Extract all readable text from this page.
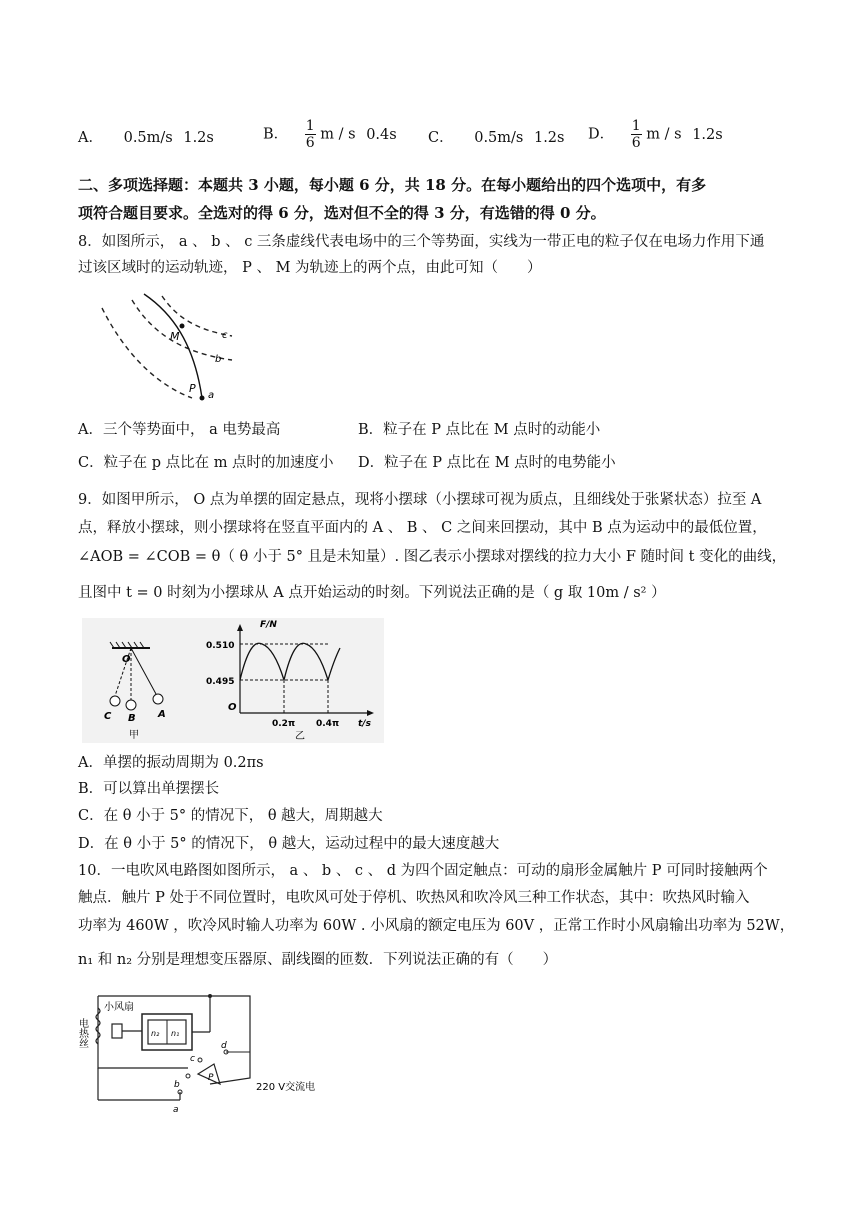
A． 0.5m/s 1.2s	B． $\frac{1}{6}$ m / s 0.4s C． 0.5m/s 1.2s D． $\frac{1}{6}$ m / s 1.2s
二、多项选择题：本题共 3 小题，每小题 6 分，共 18 分。在每小题给出的四个选项中，有多
项符合题目要求。全选对的得 6 分，选对但不全的得 3 分，有选错的得 0 分。
8．如图所示， a 、 b 、 c 三条虚线代表电场中的三个等势面，实线为一带正电的粒子仅在电场力作用下通
过该区域时的运动轨迹， P 、 M 为轨迹上的两个点，由此可知（　　）
M
P
a
b
c
A．三个等势面中， a 电势最高	B．粒子在 P 点比在 M 点时的动能小
C．粒子在 p 点比在 m 点时的加速度小 D．粒子在 P 点比在 M 点时的电势能小
9．如图甲所示， O 点为单摆的固定悬点，现将小摆球（小摆球可视为质点，且细线处于张紧状态）拉至 A
点，释放小摆球，则小摆球将在竖直平面内的 A 、 B 、 C 之间来回摆动，其中 B 点为运动中的最低位置，
∠AOB = ∠COB = θ（ θ 小于 5° 且是未知量）. 图乙表示小摆球对摆线的拉力大小 F 随时间 t 变化的曲线，
且图中 t = 0 时刻为小摆球从 A 点开始运动的时刻。下列说法正确的是（ g 取 10m / s² ）
O
C B A
甲
F/N
0.510
0.495
O
0.2π 0.4π t/s
乙
A．单摆的振动周期为 0.2πs
B．可以算出单摆摆长
C．在 θ 小于 5° 的情况下， θ 越大，周期越大
D．在 θ 小于 5° 的情况下， θ 越大，运动过程中的最大速度越大
10．一电吹风电路图如图所示， a 、 b 、 c 、 d 为四个固定触点：可动的扇形金属触片 P 可同时接触两个
触点．触片 P 处于不同位置时，电吹风可处于停机、吹热风和吹冷风三种工作状态，其中：吹热风时输入
功率为 460W ，吹冷风时输人功率为 60W . 小风扇的额定电压为 60V ，正常工作时小风扇输出功率为 52W，
n₁ 和 n₂ 分别是理想变压器原、副线圈的匝数．下列说法正确的有（　　）
小风扇
电热丝	n₂ n₁
P
a
b
c
d
220 V交流电
